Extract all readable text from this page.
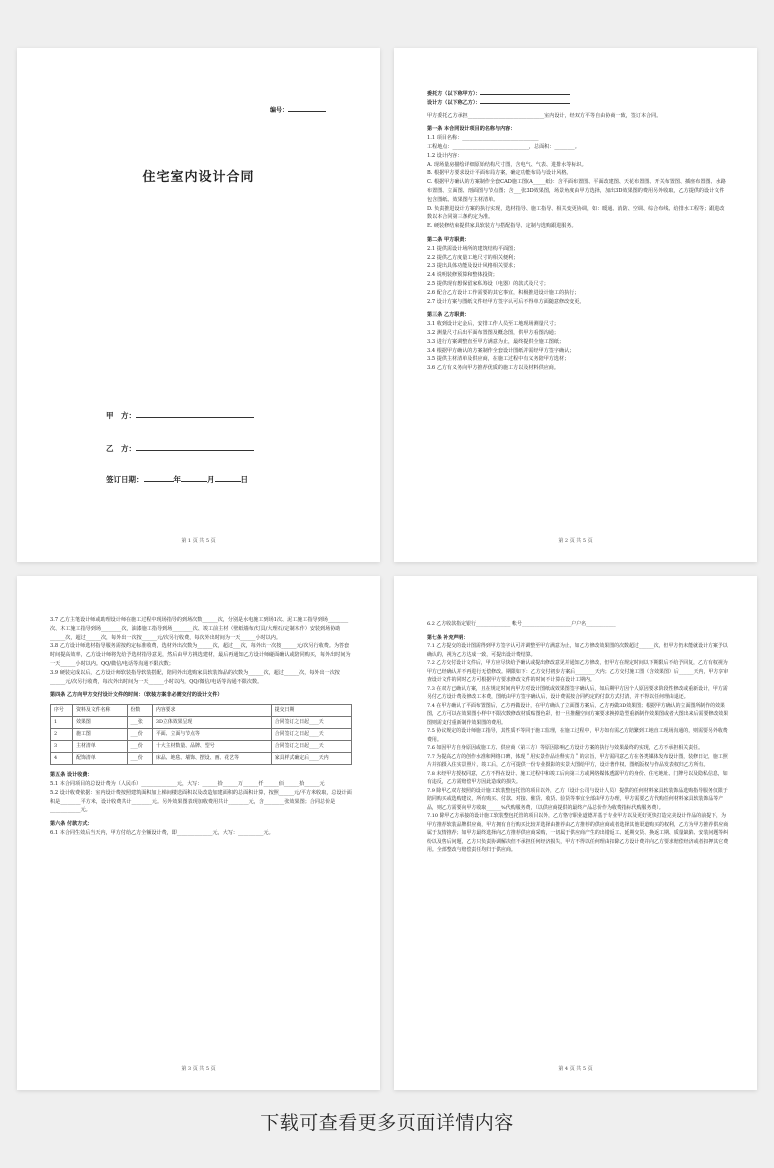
编号：
住宅室内设计合同
甲　方：
乙　方：
签订日期：	年	月	日
第 1 页 共 5 页

委托方（以下称甲方）：

设计方（以下称乙方）：

甲方委托乙方承担______________________________室内设计，经双方平等自由协商一致，签订本合同。

第一条 本合同设计项目的名称与内容：

1.1 项目名称：______________________________

工程地点：______________________________，总面积：________。

1.2 设计内容：

A. 现场量房描绘详细原始结构尺寸图，含电气、气表、进排水等标识。

B. 根据甲方要求设计平面布局方案，确定功能布局与设计风格。

C. 根据甲方确认的方案制作全套CAD施工图(A_____纸)：含平面布置图、平面改建图、天花布置图、开关布置图、插座布置图、水路布置图、立面图、剖面图与节点图；含___张3D效果图，场景角度由甲方选择，加出3D效果图的费用另外收取，乙方提供的设计文件包含图纸、效果图与主材清单。

D. 负责推进设计方案的执行实现，选材指导、施工指导、相关变更协调，如：暖通、消防、空调、综合布线、给排水工程等；跟进改数以本合同第三条约定为准。

E. 硬装修结束提供家具软装方与搭配指导、定制与选购跟进服务。

第二条 甲方职责：

2.1 提供需设计场所的建筑结构平面图；

2.2 提供乙方度量工地尺寸的相关便利；

2.3 提出具体功能及设计风格相关要求；

2.4 说明装修预算和整体投资；

2.5 提供现有想保留家私筹设（电器）的款式及尺寸；

2.6 配合乙方设计工作需要的其它事宜，积极推进设计施工的执行；

2.7 设计方案与图纸文件经甲方签字认可后不得单方面随意修改变更。

第三条 乙方职责：

3.1 收到设计定金后，安排工作人员至工地现场测量尺寸；

3.2 测量尺寸后出平面布置图及概念图，供甲方看图沟通；

3.3 进行方案调整直至甲方满意为止，最终提供全施工图纸；

3.4 根据甲方确认的方案制作全套设计图纸并需经甲方签字确认；

3.5 提供主材清单及供应商，在施工过程中有义务陪甲方选材；

3.6 乙方有义务向甲方推荐优质的施工方以及材料供应商。

第 2 页 共 5 页

3.7 乙方主笔设计师或助理设计师在施工过程中现场指导的到场次数______次，分别是水电施工到场1次、泥工施工指导到场________次、木工施工指导到场________次，油漆施工指导到场________次、竣工前主材（壁纸墙布/灯具/大理石/定制木作）安装到场协助______次，超过______次，每外出一次按______元/次另行收费，每次外出时间为一天______小时以内。

3.8 乙方设计师选材指导服务需按约定标准收费，选材外出次数为______次，超过___次，每外出一次按______元/次另行收费。为答套时间提高效率，乙方设计师将先给予选材指导意见，然后由甲方挑选建材，最后再通知乙方设计师碰面确认或陪同购买，每外出时间为一天______小时以内。QQ/微信/电话等沟通不限次数；

3.9 硬装完成以后，乙方设计师软装指导软装搭配，陪同外出选购家具软装饰品的次数为______次，超过______次，每外出一次按______元/次另行收费，每次外出时间为一天______小时以内，QQ/微信/电话等沟通不限次数。

第四条 乙方向甲方交付设计文件的时间：（软装方案非必需交付的设计文件）

序号	资料及文件名称	份数	内容要求	提交日期
1	效果图	___张	3D立体效果呈现	合同签订之日起____天
2	施工图	___份	平面、立面与节点等	合同签订之日起____天
3	主材清单	___份	十大主材数量、品牌、型号	合同签订之日起____天
4	配饰清单	___份	床品、地毯、墙饰、摆设、画、花艺等	家具样式确定后____天内

第五条 设计收费：

5.1 本合同项目的总设计费为（人民币）______________元，大写：______拾______万______仟______佰______拾______元

5.2 设计收费依据：室内设计费按照建筑面积加上梯间楼送面积以及改造加建面积的总面积计算，按照______元/平方米收取，总设计面积是________平方米，设计收费共计________元。另外效果图表现加收费用共计________元，含________张效果图；合同总价是____________元。

第六条 付款方式：

6.1 本合同生效后当天内，甲方付给乙方全额设计费，即______________元，大写：__________元。

第 3 页 共 5 页

6.2 乙方收款指定银行______________ 帐号____________________户户名____________

第七条 补充声明：

7.1 乙方提交的设计图需得到甲方签字认可并调整至甲方满意为止，如乙方修改效果图的次数超过______次，但甲方仍未能就设计方案予以确认的，视为乙方达成一致，可提出设计费结算。

7.2 乙方交付设计文件后，甲方应尽快给予确认或提出修改意见并通知乙方修改，但甲方在规定时间以下期限后不给予回复，乙方有权视为甲方已经确认并不再进行无偿修改。期限如下：乙方交付初步方案后________天内；乙方交付施工图（含效果图）后______天内，甲方享审查设计文件的同时乙方可根据甲方要求修改文件的时间不计算在设计工期内。

7.3 在双方已确认方案，且在规定时间内甲方对设计图纸或效果图签字确认后，如后期甲方因个人原因要求阶段性修改或重新设计，甲方需另付乙方设计费及修改工本费，图纸由甲方签字确认后，设计费需按合同约定的付款方式付清，并不得以任何理由退还。

7.4 在甲方确认了平面布置图后，乙方再做设计，在甲方确认了立面图方案后，乙方再做3D效果图；根据甲方确认的立面图所制作的效果图，乙方可以在效果图小样中不限次数修改材质贴图色彩，但一旦推翻空间方案要求换掉造型重新制作效果图或者大图出来后需要修改效果图则需支付重新制作效果图的费用。

7.5 协议规定的设计师施工指导，其性质不等同于施工监理，在施工过程中，甲方如有需乙方陪繁到工地直工现场沟通的，则需要另外收费费用。

7.6 如因甲方自身原因或施工方、供应商（第三方）等原因影响乙方设计方案的执行与效果最终的实现，乙方不承担相关责任。

7.7 为提高乙方的创作水准和网络口碑，体现＂用实景作品诠释实力＂的宗旨，甲方需同意乙方在各类媒体发布设计图，装修日记，施工照片并拍摄入住实景照片，竣工后，乙方可提供一份专业摄影的实景大图给甲方，设计著作权、图纸版权与作品发表权归乙方所有。

7.8 未经甲方授权同意，乙方不得在设计、施工过程中和竣工后向第三方或网络媒体透露甲方的身份、住宅地址、门牌号以及隐私信息，如有违反，乙方需赔偿甲方因此造成的损失。

7.9 除甲乙双方按照的设计施工软装整包托管的项目以外，乙方（设计公司与设计人员）提供的任何材料家具软装饰品选购指导服务仅限于陪同购买或选购建议，所有购买、付款、对接、催货、收货、验货等事宜全部由甲方办理，甲方需要乙方代购任何材料家具软装饰品等产品，则乙方需要向甲方收取______%代购服务费，（以供应商提供的最终产品总价作为收费指标代购服务费）。

7.10 除甲乙方承接的设计施工软装整包托管的项目以外，乙方恪守职业道德并基于专业甲方以及更好更快打造完美设计作品的前提下，为甲方推荐软装品牌供应商，甲方拥有自行购买比较并选择由推荐由乙方推荐的供应商或者选择其他渠道购买的权利，乙方为甲方推荐供应商属于友情推荐；如甲方最终选择向乙方推荐供应商采购，一切属于供应商产生的出错返工、延期交货、换返工期、质量缺陷、安装问题等纠纷以及售后问题，乙方只负责协调解决但不承担任何经济损失，甲方不得以任何理由扣除乙方设计费并向乙方要求赔偿经济或者扣押其它费用。全部整改与赔偿责任均归于供应商。

第 4 页 共 5 页
下载可查看更多页面详情内容
